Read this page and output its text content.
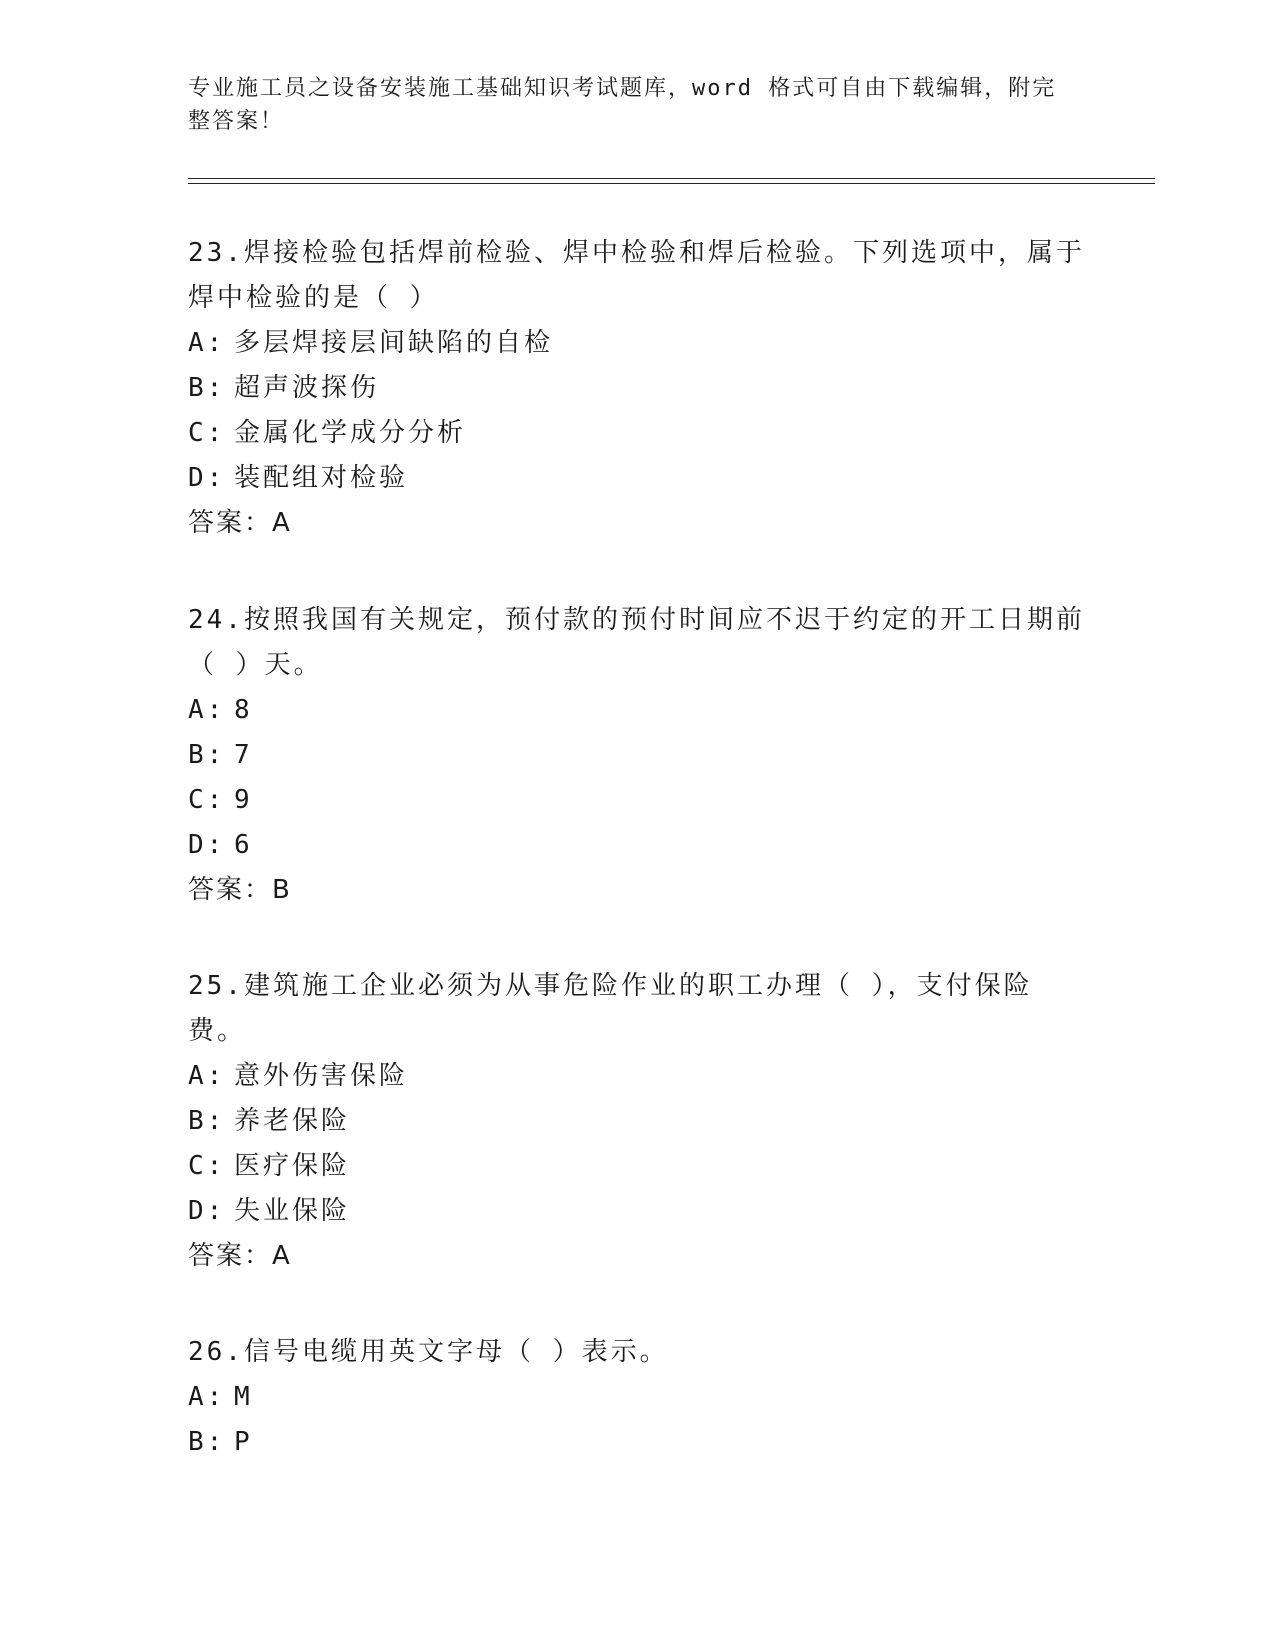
专业施工员之设备安装施工基础知识考试题库，word 格式可自由下载编辑，附完整答案！

23.焊接检验包括焊前检验、焊中检验和焊后检验。下列选项中，属于焊中检验的是（ ）

A: 多层焊接层间缺陷的自检
B: 超声波探伤
C: 金属化学成分分析
D: 装配组对检验
答案：A

24.按照我国有关规定，预付款的预付时间应不迟于约定的开工日期前（ ）天。

A: 8
B: 7
C: 9
D: 6
答案：B

25.建筑施工企业必须为从事危险作业的职工办理（ ），支付保险费。

A: 意外伤害保险
B: 养老保险
C: 医疗保险
D: 失业保险
答案：A

26.信号电缆用英文字母（ ）表示。

A: M
B: P
